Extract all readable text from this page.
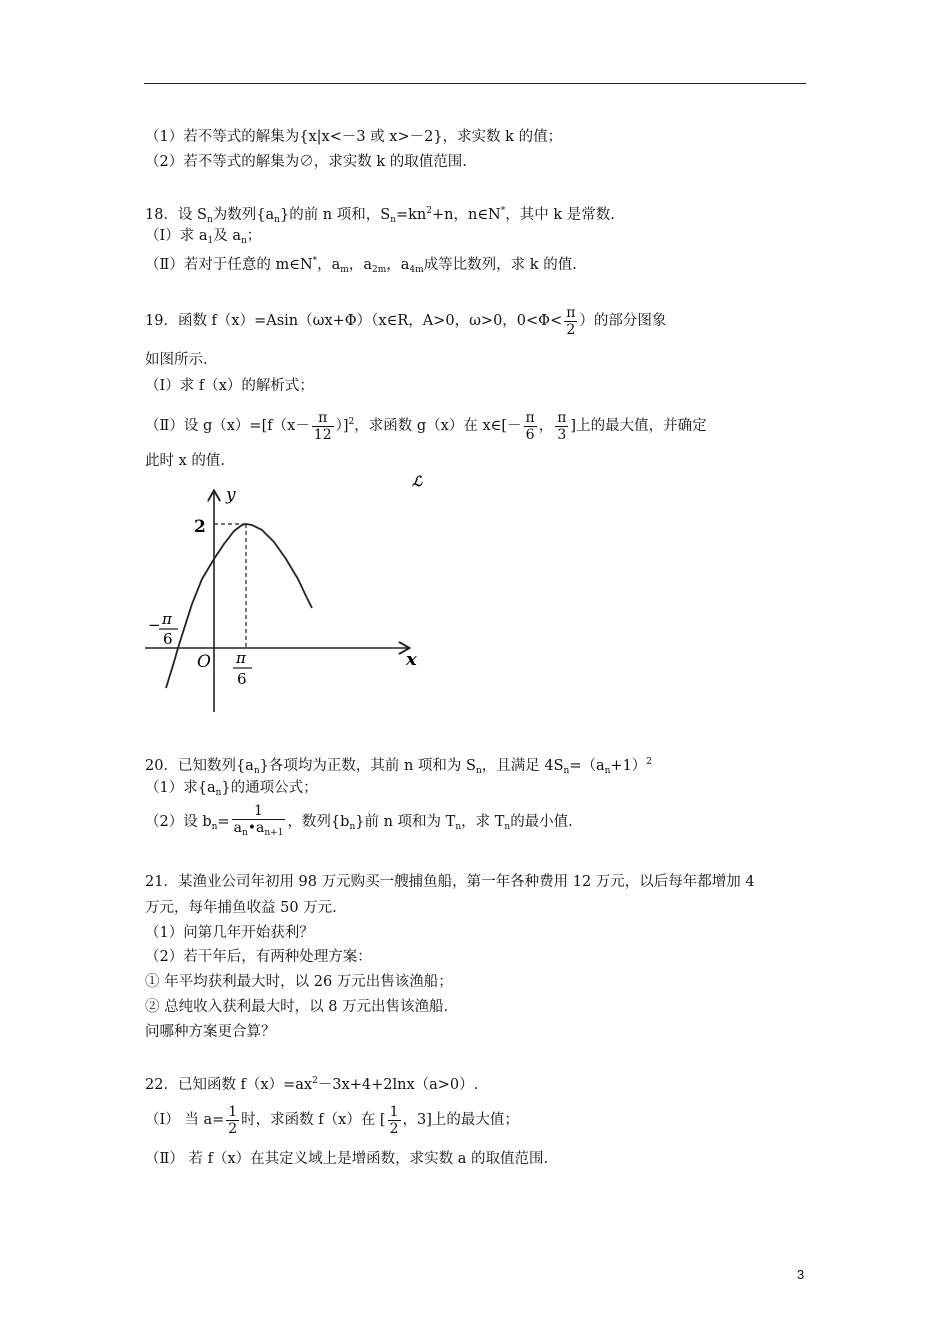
（1）若不等式的解集为{x|x<－3 或 x>－2}，求实数 k 的值；
（2）若不等式的解集为∅，求实数 k 的取值范围.
18．设 $S_n$为数列$\{a_n\}$的前 n 项和，$S_n=kn^2+n$，n∈N*，其中 k 是常数.
（Ⅰ）求 $a_1$及 $a_n$；
（Ⅱ）若对于任意的 m∈N*，$a_m$，$a_{2m}$，$a_{4m}$成等比数列，求 k 的值.
19．函数 f（x）=Asin（ωx+Φ）（x∈R，A>0，ω>0，$0<\Phi< \frac{\pi}{2}$ ）的部分图象
如图所示.
（Ⅰ）求 f（x）的解析式；
（Ⅱ）设 $g(x)=[f(x- \frac{\pi}{12} )]^2$，求函数 g（x）在 x∈[－ $\frac{\pi}{6}$ ， $\frac{\pi}{3}$ ]上的最大值，并确定
此时 x 的值.
ℒ
y
x
2
O π
6
− π
6
20．已知数列$\{a_n\}$各项均为正数，其前 n 项和为 $S_n$，且满足 $4S_n=(a_n+1)^2$
（1）求$\{a_n\}$的通项公式；
（2）设 $b_n= \frac{1}{a_n•a_{n+1}}$ ，数列$\{b_n\}$前 n 项和为 $T_n$，求 $T_n$的最小值.
21．某渔业公司年初用 98 万元购买一艘捕鱼船，第一年各种费用 12 万元，以后每年都增加 4
万元，每年捕鱼收益 50 万元.
（1）问第几年开始获利？
（2）若干年后，有两种处理方案：
① 年平均获利最大时，以 26 万元出售该渔船；
② 总纯收入获利最大时，以 8 万元出售该渔船.
问哪种方案更合算？
22．已知函数 $f(x)=ax^2-3x+4+2\ln x(a>0)$.
（Ⅰ） 当 $a= \frac{1}{2}$ 时，求函数 f（x）在 [ $\frac{1}{2}$ ，3]上的最大值；
（Ⅱ） 若 f（x）在其定义域上是增函数，求实数 a 的取值范围.
3
